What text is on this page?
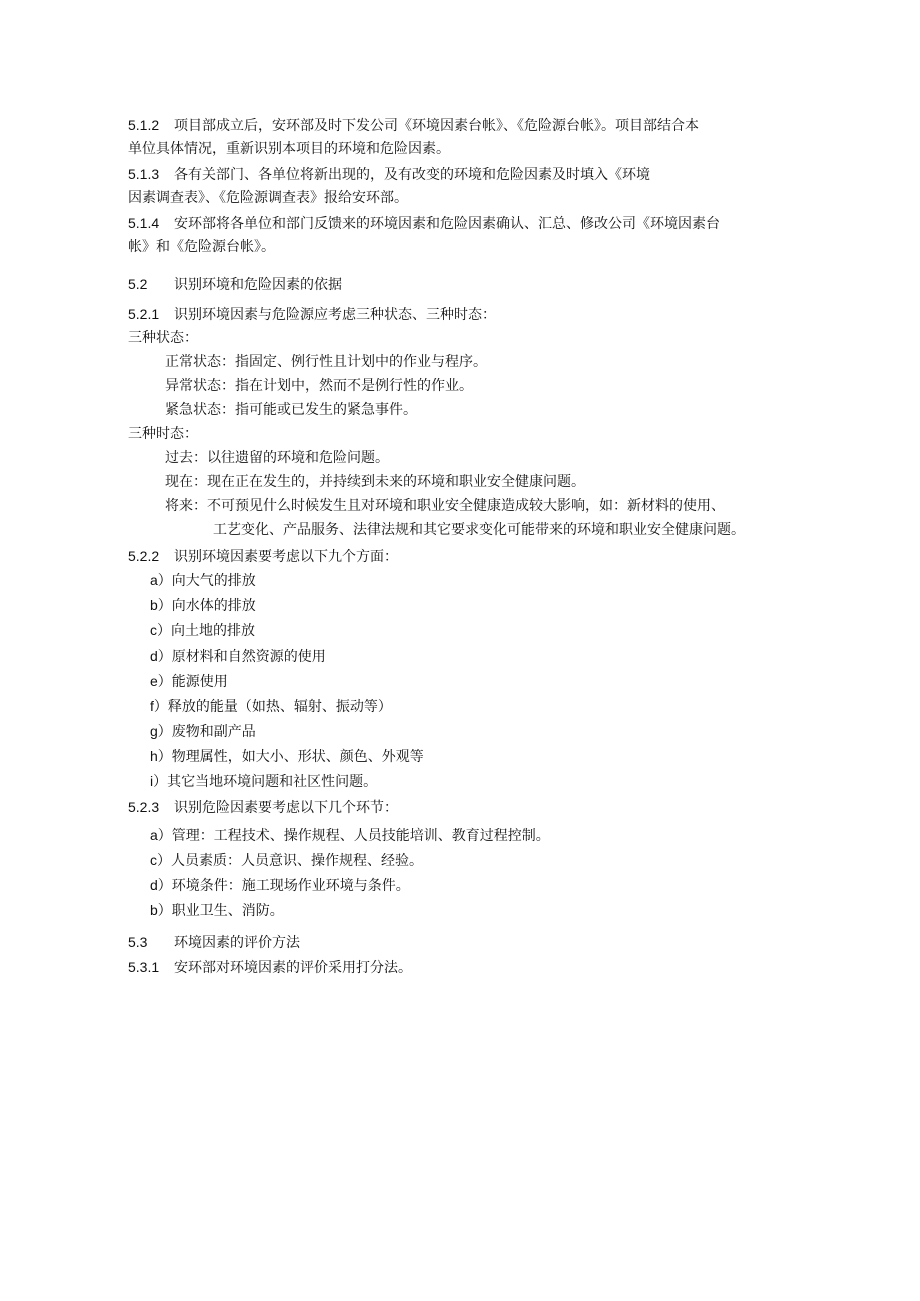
5.1.2 项目部成立后，安环部及时下发公司《环境因素台帐》、《危险源台帐》。项目部结合本
单位具体情况，重新识别本项目的环境和危险因素。
5.1.3 各有关部门、各单位将新出现的，及有改变的环境和危险因素及时填入《环境
因素调查表》、《危险源调查表》报给安环部。
5.1.4 安环部将各单位和部门反馈来的环境因素和危险因素确认、汇总、修改公司《环境因素台
帐》和《危险源台帐》。
5.2 识别环境和危险因素的依据
5.2.1 识别环境因素与危险源应考虑三种状态、三种时态：
三种状态：
正常状态：指固定、例行性且计划中的作业与程序。
异常状态：指在计划中，然而不是例行性的作业。
紧急状态：指可能或已发生的紧急事件。
三种时态：
过去：以往遗留的环境和危险问题。
现在：现在正在发生的，并持续到未来的环境和职业安全健康问题。
将来：不可预见什么时候发生且对环境和职业安全健康造成较大影响，如：新材料的使用、
工艺变化、产品服务、法律法规和其它要求变化可能带来的环境和职业安全健康问题。
5.2.2 识别环境因素要考虑以下九个方面：
a）向大气的排放
b）向水体的排放
c）向土地的排放
d）原材料和自然资源的使用
e）能源使用
f）释放的能量（如热、辐射、振动等）
g）废物和副产品
h）物理属性，如大小、形状、颜色、外观等
i）其它当地环境问题和社区性问题。
5.2.3 识别危险因素要考虑以下几个环节：
a）管理：工程技术、操作规程、人员技能培训、教育过程控制。
c）人员素质：人员意识、操作规程、经验。
d）环境条件：施工现场作业环境与条件。
b）职业卫生、消防。
5.3 环境因素的评价方法
5.3.1 安环部对环境因素的评价采用打分法。
